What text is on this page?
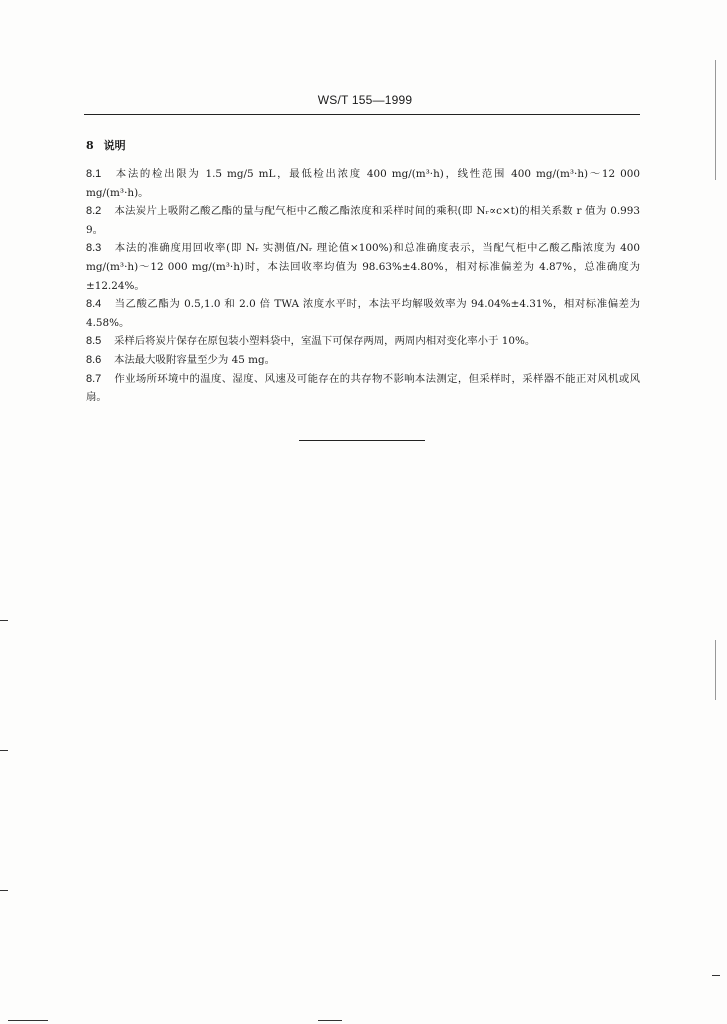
WS/T 155—1999
8 说明

8.1 本法的检出限为 1.5 mg/5 mL，最低检出浓度 400 mg/(m³·h)，线性范围 400 mg/(m³·h)～12 000 mg/(m³·h)。

8.2 本法炭片上吸附乙酸乙酯的量与配气柜中乙酸乙酯浓度和采样时间的乘积(即 Nᵣ∝c×t)的相关系数 r 值为 0.993 9。

8.3 本法的准确度用回收率(即 Nᵣ 实测值/Nᵣ 理论值×100%)和总准确度表示，当配气柜中乙酸乙酯浓度为 400 mg/(m³·h)～12 000 mg/(m³·h)时，本法回收率均值为 98.63%±4.80%，相对标准偏差为 4.87%，总准确度为±12.24%。

8.4 当乙酸乙酯为 0.5,1.0 和 2.0 倍 TWA 浓度水平时，本法平均解吸效率为 94.04%±4.31%，相对标准偏差为 4.58%。

8.5 采样后将炭片保存在原包装小塑料袋中，室温下可保存两周，两周内相对变化率小于 10%。

8.6 本法最大吸附容量至少为 45 mg。

8.7 作业场所环境中的温度、湿度、风速及可能存在的共存物不影响本法测定，但采样时，采样器不能正对风机或风扇。
